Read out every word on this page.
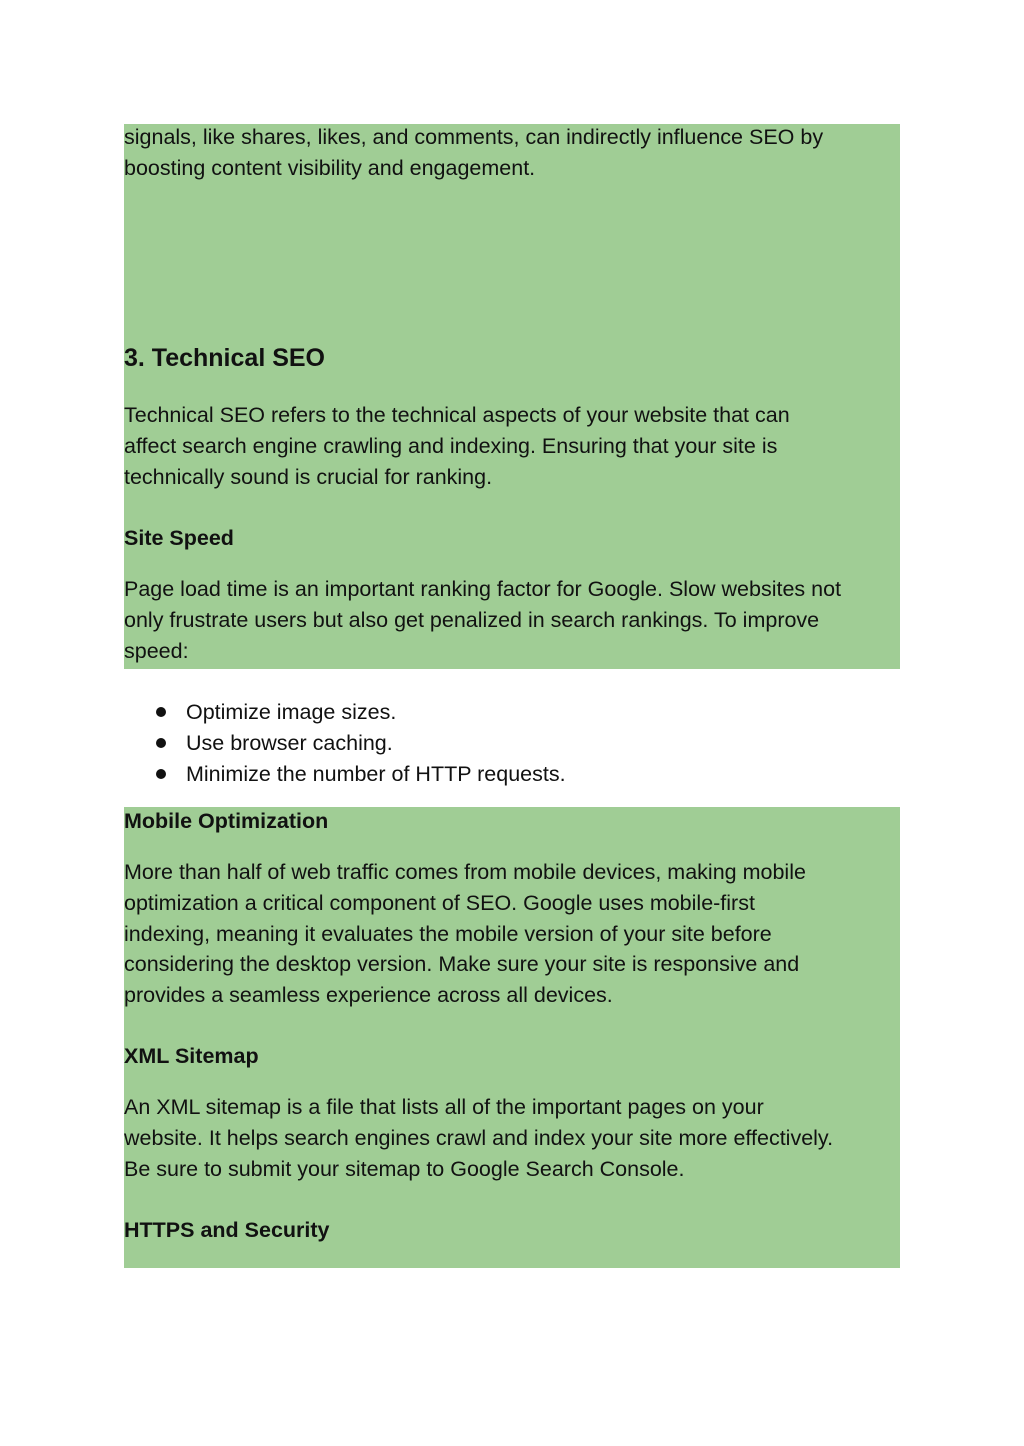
signals, like shares, likes, and comments, can indirectly influence SEO by
boosting content visibility and engagement.

3. Technical SEO

Technical SEO refers to the technical aspects of your website that can
affect search engine crawling and indexing. Ensuring that your site is
technically sound is crucial for ranking.

Site Speed

Page load time is an important ranking factor for Google. Slow websites not
only frustrate users but also get penalized in search rankings. To improve
speed:

Optimize image sizes.
Use browser caching.
Minimize the number of HTTP requests.
Mobile Optimization

More than half of web traffic comes from mobile devices, making mobile
optimization a critical component of SEO. Google uses mobile-first
indexing, meaning it evaluates the mobile version of your site before
considering the desktop version. Make sure your site is responsive and
provides a seamless experience across all devices.

XML Sitemap

An XML sitemap is a file that lists all of the important pages on your
website. It helps search engines crawl and index your site more effectively.
Be sure to submit your sitemap to Google Search Console.

HTTPS and Security
